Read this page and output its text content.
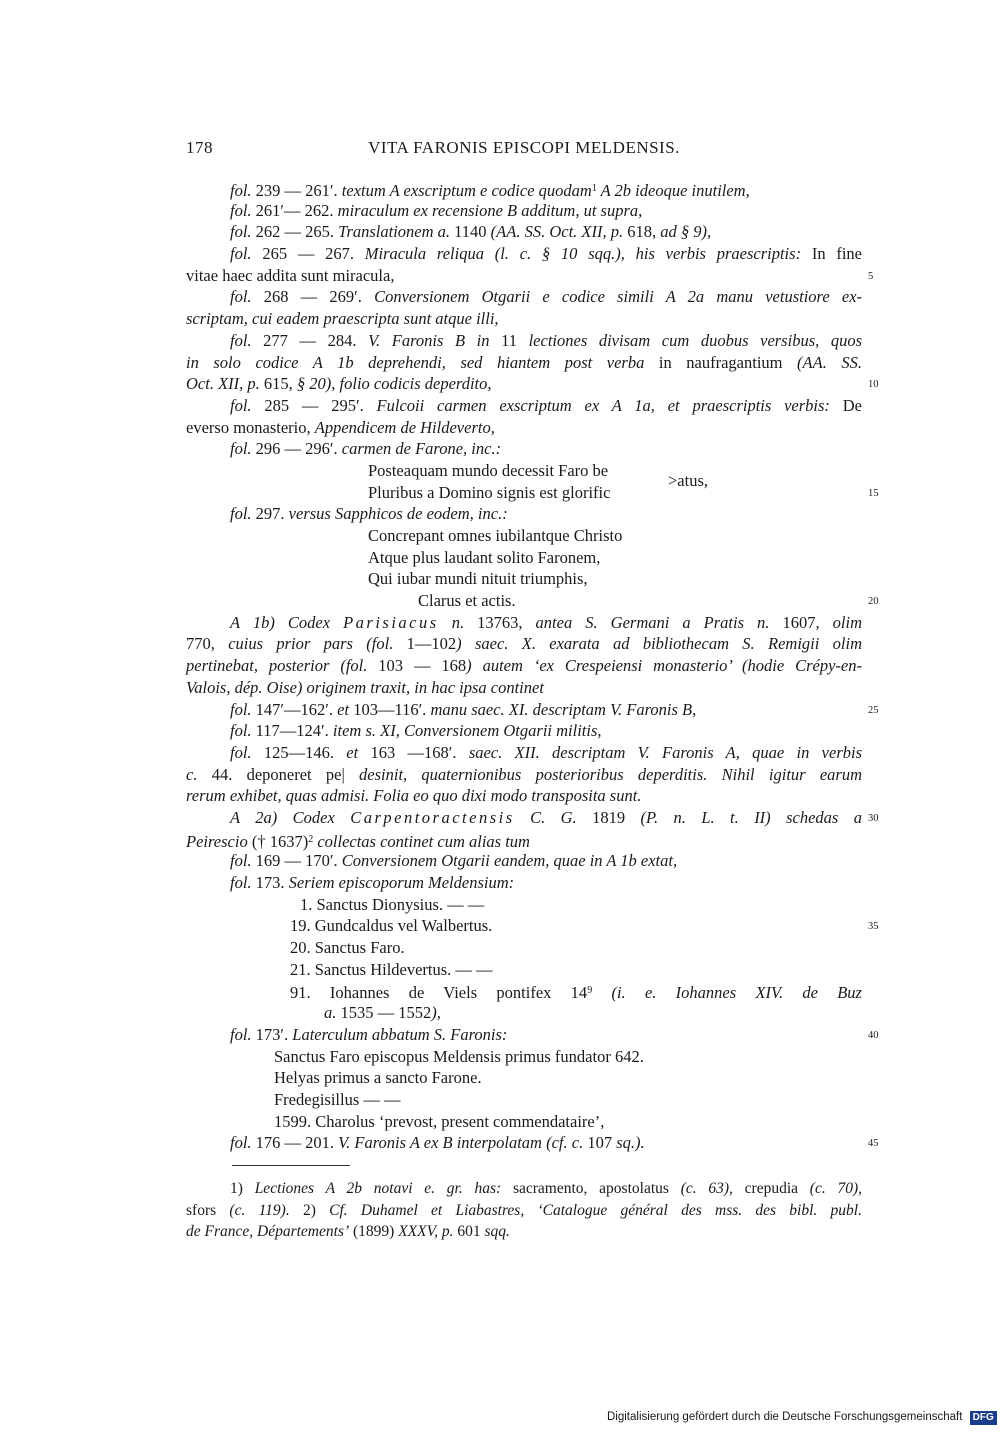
178	VITA FARONIS EPISCOPI MELDENSIS.
fol. 239 — 261′. textum A exscriptum e codice quodam$^1$ A 2b ideoque inutilem,
fol. 261′— 262. miraculum ex recensione B additum, ut supra,
fol. 262 — 265. Translationem a. 1140 (AA. SS. Oct. XII, p. 618, ad § 9),
fol. 265 — 267. Miracula reliqua (l. c. § 10 sqq.), his verbis praescriptis: In fine
vitae haec addita sunt miracula,	5
fol. 268 — 269′. Conversionem Otgarii e codice simili A 2a manu vetustiore ex-
scriptam, cui eadem praescripta sunt atque illi,
fol. 277 — 284. V. Faronis B in 11 lectiones divisam cum duobus versibus, quos
in solo codice A 1b deprehendi, sed hiantem post verba in naufragantium (AA. SS.
Oct. XII, p. 615, § 20), folio codicis deperdito,	10
fol. 285 — 295′. Fulcoii carmen exscriptum ex A 1a, et praescriptis verbis: De
everso monasterio, Appendicem de Hildeverto,
fol. 296 — 296′. carmen de Farone, inc.:
Posteaquam mundo decessit Faro be
Pluribus a Domino signis est glorific	15
fol. 297. versus Sapphicos de eodem, inc.:
Concrepant omnes iubilantque Christo
Atque plus laudant solito Faronem,
Qui iubar mundi nituit triumphis,
Clarus et actis.	20
A 1b) Codex Parisiacus n. 13763, antea S. Germani a Pratis n. 1607, olim
770, cuius prior pars (fol. 1—102) saec. X. exarata ad bibliothecam S. Remigii olim
pertinebat, posterior (fol. 103 — 168) autem ‘ex Crespeiensi monasterio’ (hodie Crépy-en-
Valois, dép. Oise) originem traxit, in hac ipsa continet
fol. 147′—162′. et 103—116′. manu saec. XI. descriptam V. Faronis B,	25
fol. 117—124′. item s. XI, Conversionem Otgarii militis,
fol. 125—146. et 163 —168′. saec. XII. descriptam V. Faronis A, quae in verbis
c. 44. deponeret pe| desinit, quaternionibus posterioribus deperditis. Nihil igitur earum
rerum exhibet, quas admisi. Folia eo quo dixi modo transposita sunt.
A 2a) Codex Carpentoractensis C. G. 1819 (P. n. L. t. II) schedas a 30
Peirescio († 1637)$^2$ collectas continet cum alias tum
fol. 169 — 170′. Conversionem Otgarii eandem, quae in A 1b extat,
fol. 173. Seriem episcoporum Meldensium:
1. Sanctus Dionysius. — —
19. Gundcaldus vel Walbertus.	35
20. Sanctus Faro.
21. Sanctus Hildevertus. — —
91. Iohannes de Viels pontifex $14^9$ (i. e. Iohannes XIV. de Buz
a. 1535 — 1552),
fol. 173′. Laterculum abbatum S. Faronis:	40
Sanctus Faro episcopus Meldensis primus fundator 642.
Helyas primus a sancto Farone.
Fredegisillus — —
1599. Charolus ‘prevost, present commendataire’,
fol. 176 — 201. V. Faronis A ex B interpolatam (cf. c. 107 sq.).	45
>atus,
1) Lectiones A 2b notavi e. gr. has: sacramento, apostolatus (c. 63), crepudia (c. 70),
sfors (c. 119). 2) Cf. Duhamel et Liabastres, ‘Catalogue général des mss. des bibl. publ.
de France, Départements’ (1899) XXXV, p. 601 sqq.
Digitalisierung gefördert durch die Deutsche Forschungsgemeinschaft DFG
